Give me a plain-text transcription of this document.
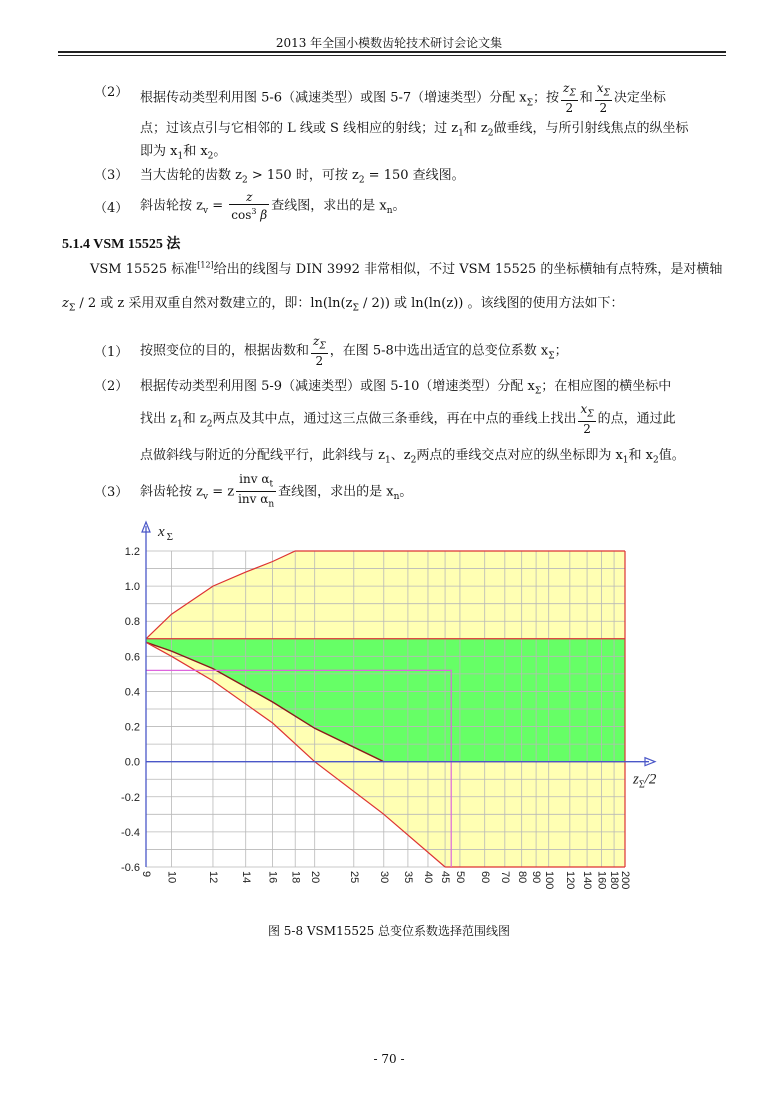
2013 年全国小模数齿轮技术研讨会论文集
（2） 根据传动类型利用图 5-6（减速类型）或图 5-7（增速类型）分配 $x_\Sigma$；按 $\frac{z_\Sigma}{2}$ 和 $\frac{x_\Sigma}{2}$ 决定坐标
点；过该点引与它相邻的 L 线或 S 线相应的射线；过 $z_1$和 $z_2$做垂线，与所引射线焦点的纵坐标
即为 $x_1$和 $x_2$。
（3） 当大齿轮的齿数 $z_2 > 150$ 时，可按 $z_2 = 150$ 查线图。
（4） 斜齿轮按 $z_v = \frac{z}{\cos^3 \beta}$ 查线图，求出的是 $x_n$。
5.1.4 VSM 15525 法
VSM 15525 标准[12]给出的线图与 DIN 3992 非常相似，不过 VSM 15525 的坐标横轴有点特殊，是对横轴
$z_\Sigma / 2$ 或 z 采用双重自然对数建立的，即：$\ln(\ln(z_\Sigma / 2))$ 或 ln(ln(z)) 。该线图的使用方法如下：
（1） 按照变位的目的，根据齿数和 $\frac{z_\Sigma}{2}$ ，在图 5-8中选出适宜的总变位系数 $x_\Sigma$；
（2） 根据传动类型利用图 5-9（减速类型）或图 5-10（增速类型）分配 $x_\Sigma$；在相应图的横坐标中
找出 $z_1$和 $z_2$两点及其中点，通过这三点做三条垂线，再在中点的垂线上找出 $\frac{x_\Sigma}{2}$ 的点，通过此
点做斜线与附近的分配线平行，此斜线与 $z_1$、$z_2$两点的垂线交点对应的纵坐标即为 $x_1$和 $x_2$值。
（3） 斜齿轮按 $z_v = z \frac{inv \alpha_t}{inv \alpha_n}$ 查线图，求出的是 $x_n$。
1.2
1.0
0.8
0.6
0.4
0.2
0.0
-0.2
-0.4
-0.6
9 10	12 14 16 18 20 25 30 35 40 45 50 60 70 80 90 100 120 140 160 180
200
x $_\Sigma$
$z_\Sigma/2$
图 5-8 VSM15525 总变位系数选择范围线图
- 70 -
